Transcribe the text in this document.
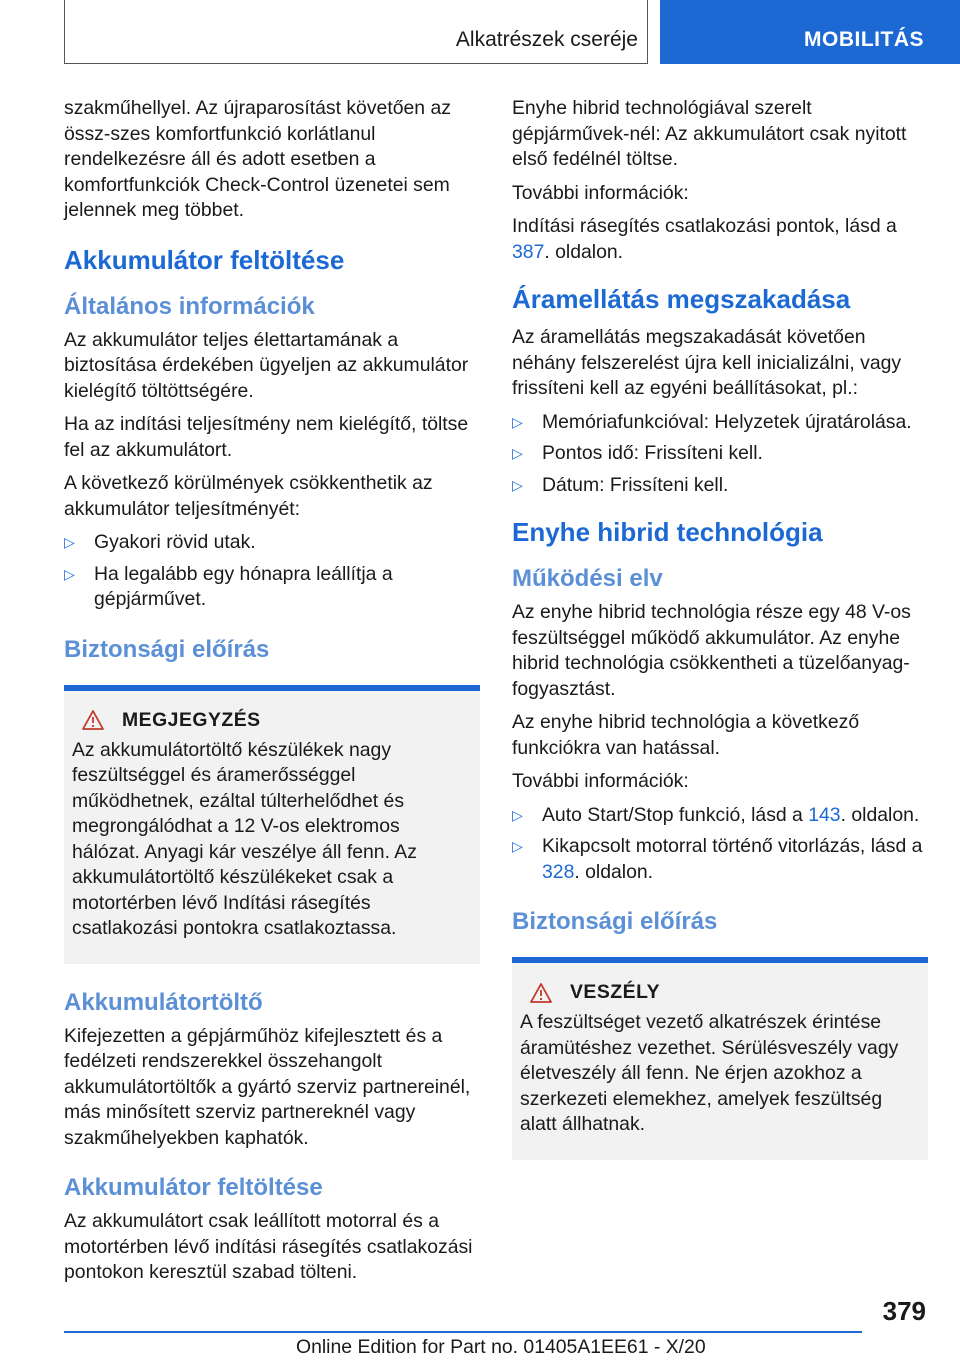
Alkatrészek cseréje	MOBILITÁS

szakműhellyel. Az újraparosítást követően az össz-szes komfortfunkció korlátlanul rendelkezésre áll és adott esetben a komfortfunkciók Check-Control üzenetei sem jelennek meg többet.

Akkumulátor feltöltése
Általános információk

Az akkumulátor teljes élettartamának a biztosítása érdekében ügyeljen az akkumulátor kielégítő töltöttségére.

Ha az indítási teljesítmény nem kielégítő, töltse fel az akkumulátort.

A következő körülmények csökkenthetik az akkumulátor teljesítményét:

▷ Gyakori rövid utak.
▷ Ha legalább egy hónapra leállítja a gépjárművet.
Biztonsági előírás
MEGJEGYZÉS

Az akkumulátortöltő készülékek nagy feszültséggel és áramerősséggel működhetnek, ezáltal túlterhelődhet és megrongálódhat a 12 V-os elektromos hálózat. Anyagi kár veszélye áll fenn. Az akkumulátortöltő készülékeket csak a motortérben lévő Indítási rásegítés csatlakozási pontokra csatlakoztassa.

Akkumulátortöltő

Kifejezetten a gépjárműhöz kifejlesztett és a fedélzeti rendszerekkel összehangolt akkumulátortöltők a gyártó szerviz partnereinél, más minősített szerviz partnereknél vagy szakműhelyekben kaphatók.

Akkumulátor feltöltése

Az akkumulátort csak leállított motorral és a motortérben lévő indítási rásegítés csatlakozási pontokon keresztül szabad tölteni.

Enyhe hibrid technológiával szerelt gépjárművek-nél: Az akkumulátort csak nyitott első fedélnél töltse.

További információk:

Indítási rásegítés csatlakozási pontok, lásd a 387. oldalon.

Áramellátás megszakadása

Az áramellátás megszakadását követően néhány felszerelést újra kell inicializálni, vagy frissíteni kell az egyéni beállításokat, pl.:

▷ Memóriafunkcióval: Helyzetek újratárolása.
▷ Pontos idő: Frissíteni kell.
▷ Dátum: Frissíteni kell.
Enyhe hibrid technológia
Működési elv

Az enyhe hibrid technológia része egy 48 V-os feszültséggel működő akkumulátor. Az enyhe hibrid technológia csökkentheti a tüzelőanyag-fogyasztást.

Az enyhe hibrid technológia a következő funkciókra van hatással.

További információk:

▷ Auto Start/Stop funkció, lásd a 143. oldalon.
▷ Kikapcsolt motorral történő vitorlázás, lásd a 328. oldalon.
Biztonsági előírás
VESZÉLY

A feszültséget vezető alkatrészek érintése áramütéshez vezethet. Sérülésveszély vagy életveszély áll fenn. Ne érjen azokhoz a szerkezeti elemekhez, amelyek feszültség alatt állhatnak.

379
Online Edition for Part no. 01405A1EE61 - X/20
